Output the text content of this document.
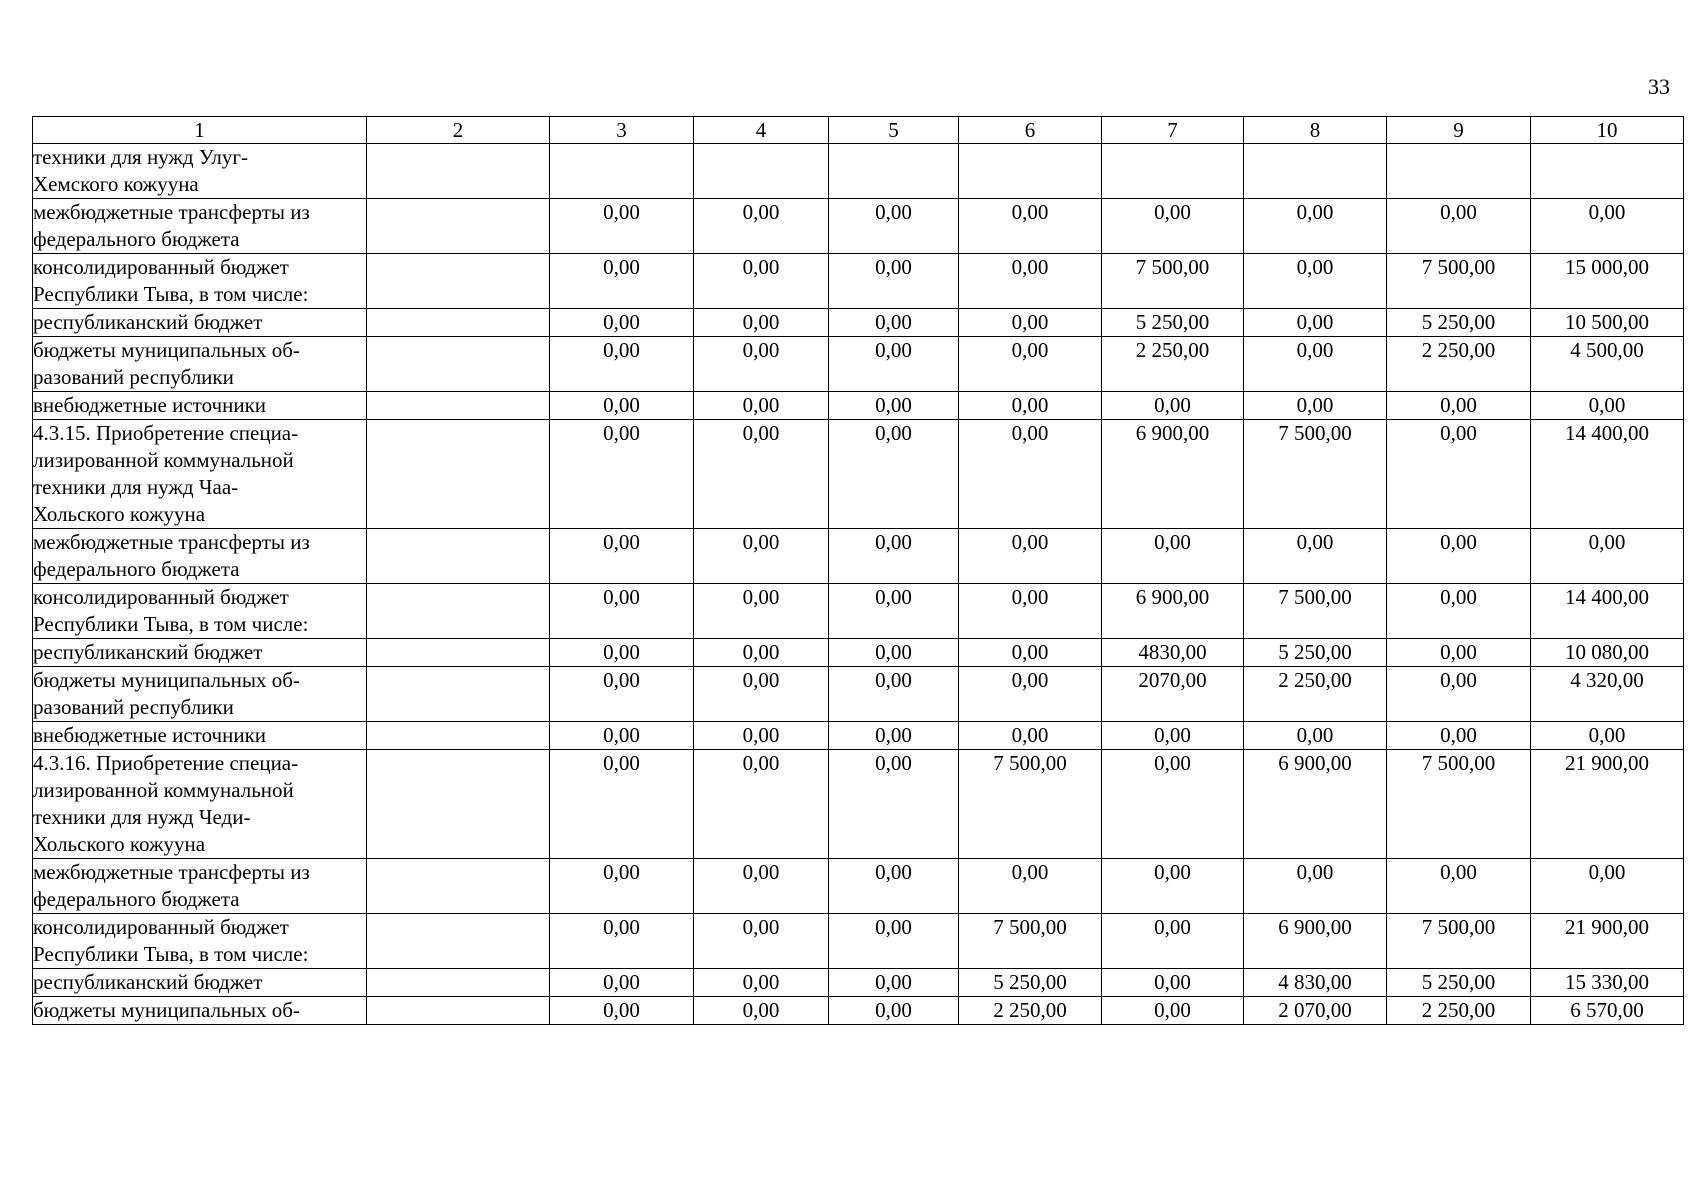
33
1	2	3	4	5	6	7	8	9	10

техники для нужд Улуг-
Хемского кожууна									

межбюджетные трансферты из
федерального бюджета		0,00	0,00	0,00	0,00	0,00	0,00	0,00	0,00

консолидированный бюджет
Республики Тыва, в том числе:		0,00	0,00	0,00	0,00	7 500,00	0,00	7 500,00	15 000,00

республиканский бюджет		0,00	0,00	0,00	0,00	5 250,00	0,00	5 250,00	10 500,00

бюджеты муниципальных об-
разований республики		0,00	0,00	0,00	0,00	2 250,00	0,00	2 250,00	4 500,00

внебюджетные источники		0,00	0,00	0,00	0,00	0,00	0,00	0,00	0,00

4.3.15. Приобретение специа-
лизированной коммунальной
техники для нужд Чаа-
Хольского кожууна		0,00	0,00	0,00	0,00	6 900,00	7 500,00	0,00	14 400,00

межбюджетные трансферты из
федерального бюджета		0,00	0,00	0,00	0,00	0,00	0,00	0,00	0,00

консолидированный бюджет
Республики Тыва, в том числе:		0,00	0,00	0,00	0,00	6 900,00	7 500,00	0,00	14 400,00

республиканский бюджет		0,00	0,00	0,00	0,00	4830,00	5 250,00	0,00	10 080,00

бюджеты муниципальных об-
разований республики		0,00	0,00	0,00	0,00	2070,00	2 250,00	0,00	4 320,00

внебюджетные источники		0,00	0,00	0,00	0,00	0,00	0,00	0,00	0,00

4.3.16. Приобретение специа-
лизированной коммунальной
техники для нужд Чеди-
Хольского кожууна		0,00	0,00	0,00	7 500,00	0,00	6 900,00	7 500,00	21 900,00

межбюджетные трансферты из
федерального бюджета		0,00	0,00	0,00	0,00	0,00	0,00	0,00	0,00

консолидированный бюджет
Республики Тыва, в том числе:		0,00	0,00	0,00	7 500,00	0,00	6 900,00	7 500,00	21 900,00

республиканский бюджет		0,00	0,00	0,00	5 250,00	0,00	4 830,00	5 250,00	15 330,00

бюджеты муниципальных об-		0,00	0,00	0,00	2 250,00	0,00	2 070,00	2 250,00	6 570,00
